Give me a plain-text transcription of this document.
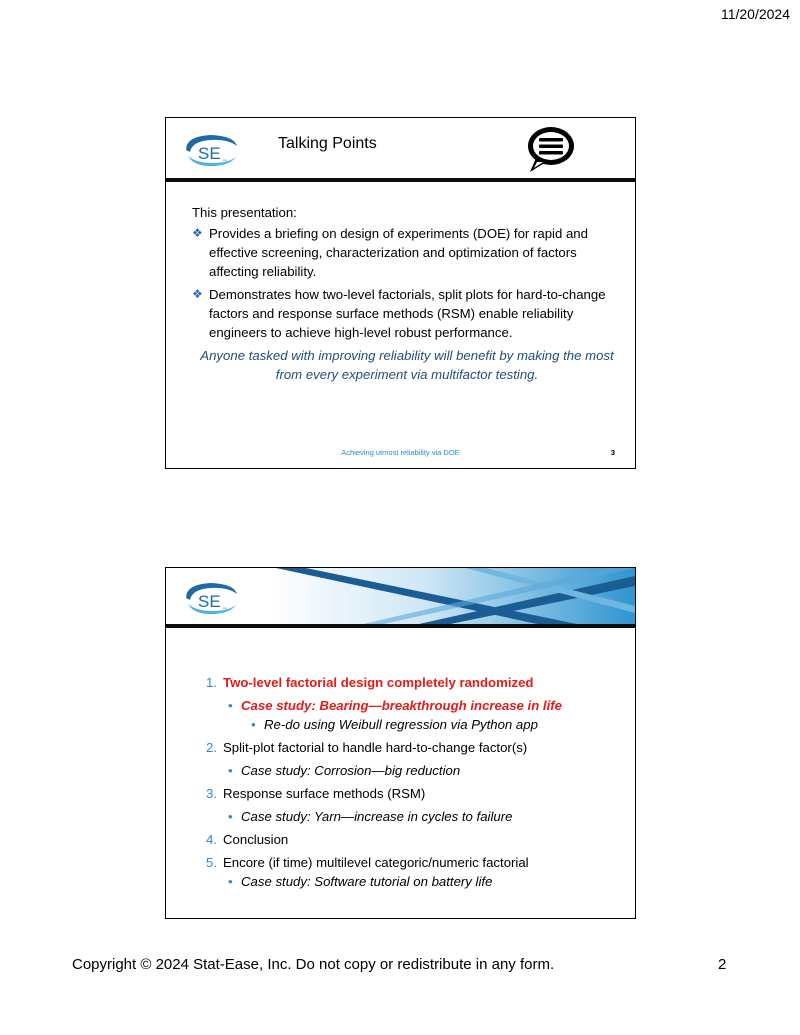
11/20/2024
SE inc
Talking Points

This presentation:

❖ Provides a briefing on design of experiments (DOE) for rapid and effective screening, characterization and optimization of factors affecting reliability.
❖ Demonstrates how two-level factorials, split plots for hard-to-change factors and response surface methods (RSM) enable reliability engineers to achieve high-level robust performance.
Anyone tasked with improving reliability will benefit by making the most from every experiment via multifactor testing.
Achieving utmost reliability via DOE	3
SE inc
1. Two-level factorial design completely randomized
• Case study: Bearing—breakthrough increase in life
• Re-do using Weibull regression via Python app
2. Split-plot factorial to handle hard-to-change factor(s)
• Case study: Corrosion—big reduction
3. Response surface methods (RSM)
• Case study: Yarn—increase in cycles to failure
4. Conclusion
5. Encore (if time) multilevel categoric/numeric factorial
• Case study: Software tutorial on battery life
Copyright © 2024 Stat-Ease, Inc. Do not copy or redistribute in any form.	2
